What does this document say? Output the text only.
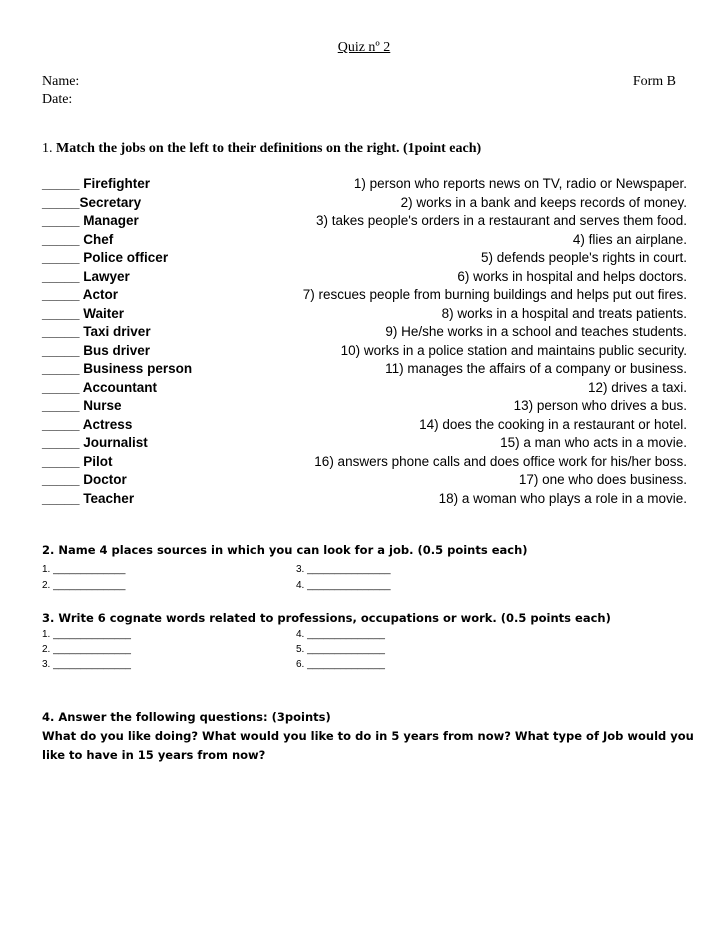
Quiz nº 2
Name:
Date:
Form B
1. Match the jobs on the left to their definitions on the right. (1point each)
_____ Firefighter	1) person who reports news on TV, radio or Newspaper.
_____Secretary	2) works in a bank and keeps records of money.
_____ Manager	3) takes people's orders in a restaurant and serves them food.
_____ Chef	4) flies an airplane.
_____ Police officer	5) defends people's rights in court.
_____ Lawyer	6) works in hospital and helps doctors.
_____ Actor	7) rescues people from burning buildings and helps put out fires.
_____ Waiter	8) works in a hospital and treats patients.
_____ Taxi driver	9) He/she works in a school and teaches students.
_____ Bus driver	10) works in a police station and maintains public security.
_____ Business person	11) manages the affairs of a company or business.
_____ Accountant	12) drives a taxi.
_____ Nurse	13) person who drives a bus.
_____ Actress	14) does the cooking in a restaurant or hotel.
_____ Journalist	15) a man who acts in a movie.
_____ Pilot	16) answers phone calls and does office work for his/her boss.
_____ Doctor	17) one who does business.
_____ Teacher	18) a woman who plays a role in a movie.
2. Name 4 places sources in which you can look for a job. (0.5 points each)
1. _____________
2. _____________
3. _______________
4. _______________
3. Write 6 cognate words related to professions, occupations or work. (0.5 points each)
1. ______________
2. ______________
3. ______________
4. ______________
5. ______________
6. ______________
4. Answer the following questions: (3points)
What do you like doing? What would you like to do in 5 years from now? What type of Job would you like to have in 15 years from now?
